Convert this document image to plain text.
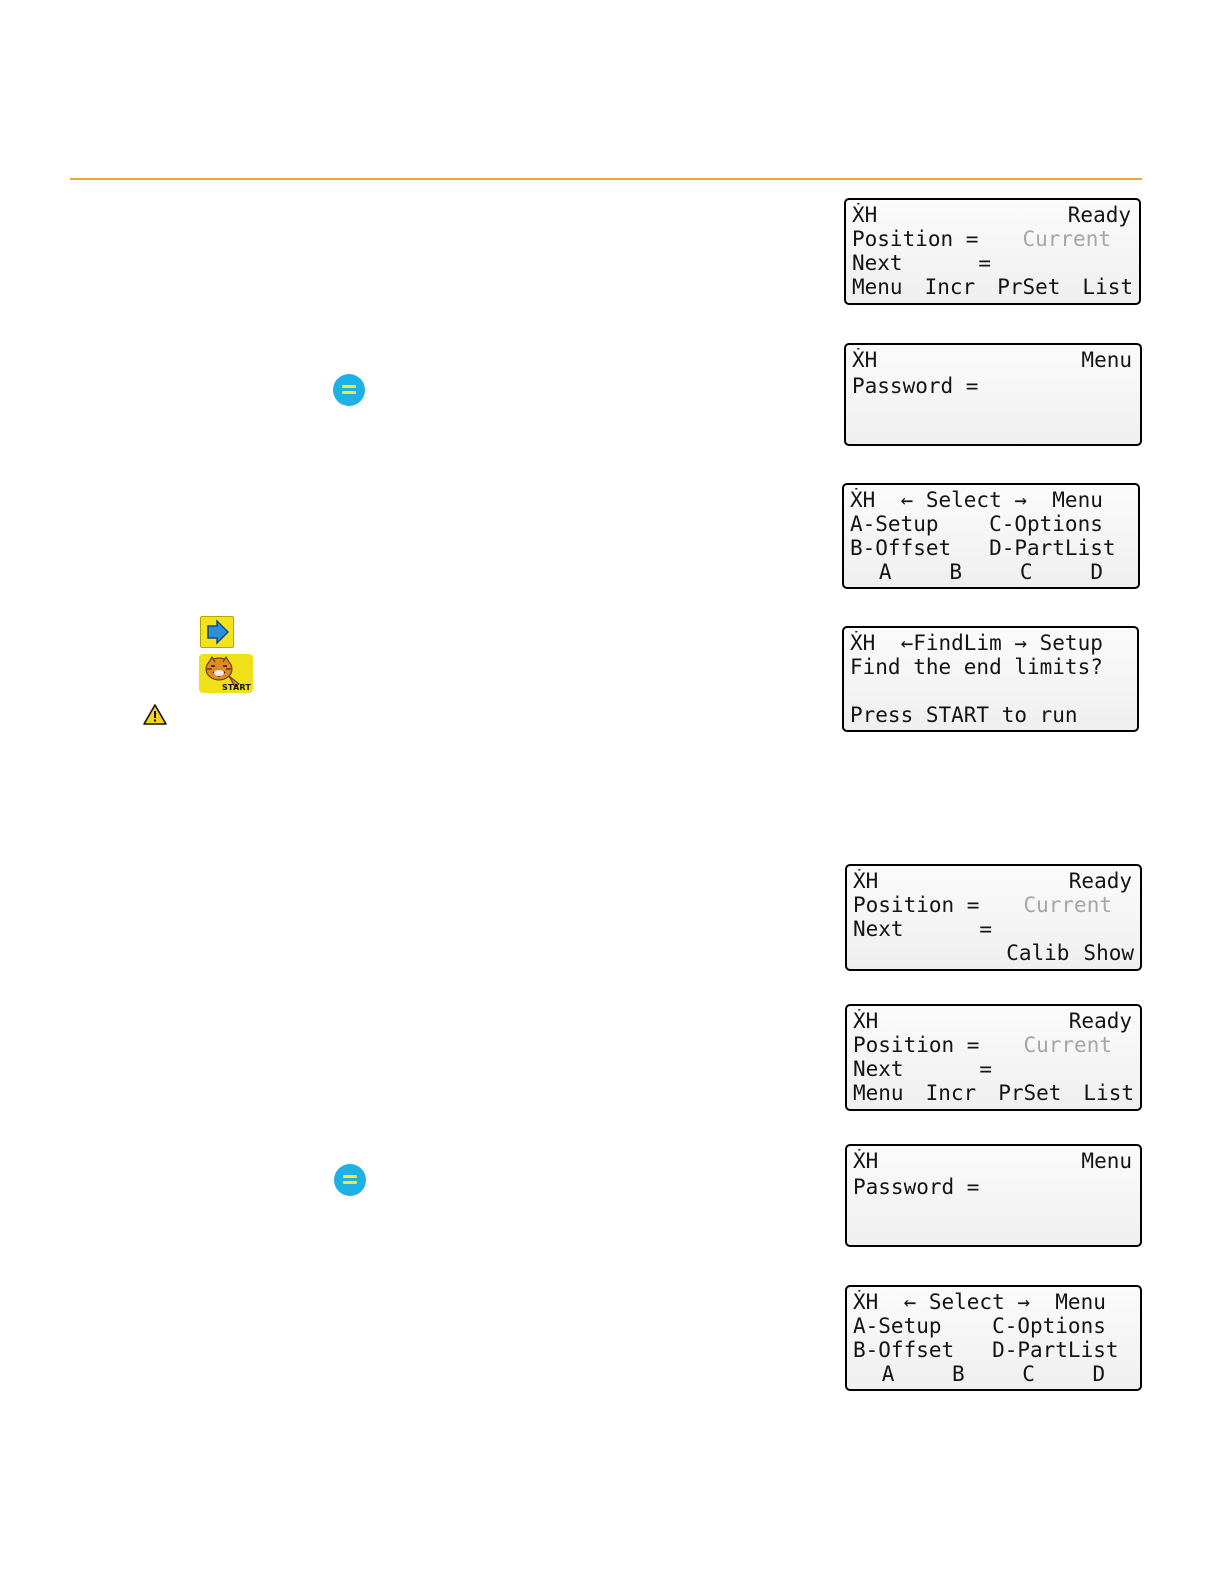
ẊH	Ready
Position = Current
Next      =
Menu Incr PrSet List
ẊH	Menu
Password =
ẊH  ← Select →  Menu
A-Setup    C-Options
B-Offset   D-PartList
A	B	C	D
START
ẊH  ←FindLim → Setup
Find the end limits?
Press START to run
ẊH	Ready
Position = Current
Next      =
Calib Show
ẊH	Ready
Position = Current
Next      =
Menu Incr PrSet List
ẊH	Menu
Password =
ẊH  ← Select →  Menu
A-Setup    C-Options
B-Offset   D-PartList
A	B	C	D
